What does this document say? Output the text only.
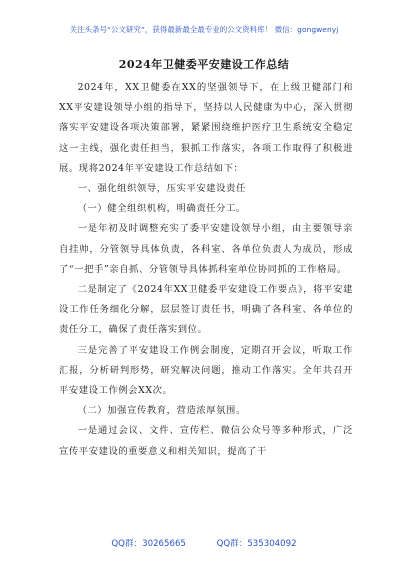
关注头条号“公文研究”，获得最新最全最专业的公文资料库！ 微信：gongwenyj
2024年卫健委平安建设工作总结

2024年，XX卫健委在XX的坚强领导下，在上级卫健部门和XX平安建设领导小组的指导下，坚持以人民健康为中心，深入贯彻落实平安建设各项决策部署，紧紧围绕维护医疗卫生系统安全稳定这一主线，强化责任担当，狠抓工作落实，各项工作取得了积极进展。现将2024年平安建设工作总结如下：

一、强化组织领导，压实平安建设责任

（一）健全组织机构，明确责任分工。

一是年初及时调整充实了委平安建设领导小组，由主要领导亲自挂帅，分管领导具体负责，各科室、各单位负责人为成员，形成了“一把手”亲自抓、分管领导具体抓科室单位协同抓的工作格局。

二是制定了《2024年XX卫健委平安建设工作要点》，将平安建设工作任务细化分解，层层签订责任书，明确了各科室、各单位的责任分工，确保了责任落实到位。

三是完善了平安建设工作例会制度，定期召开会议，听取工作汇报，分析研判形势，研究解决问题，推动工作落实。全年共召开平安建设工作例会XX次。

（二）加强宣传教育，营造浓厚氛围。

一是通过会议、文件、宣传栏、微信公众号等多种形式，广泛宣传平安建设的重要意义和相关知识，提高了干

QQ群：30265665	QQ群：535304092
